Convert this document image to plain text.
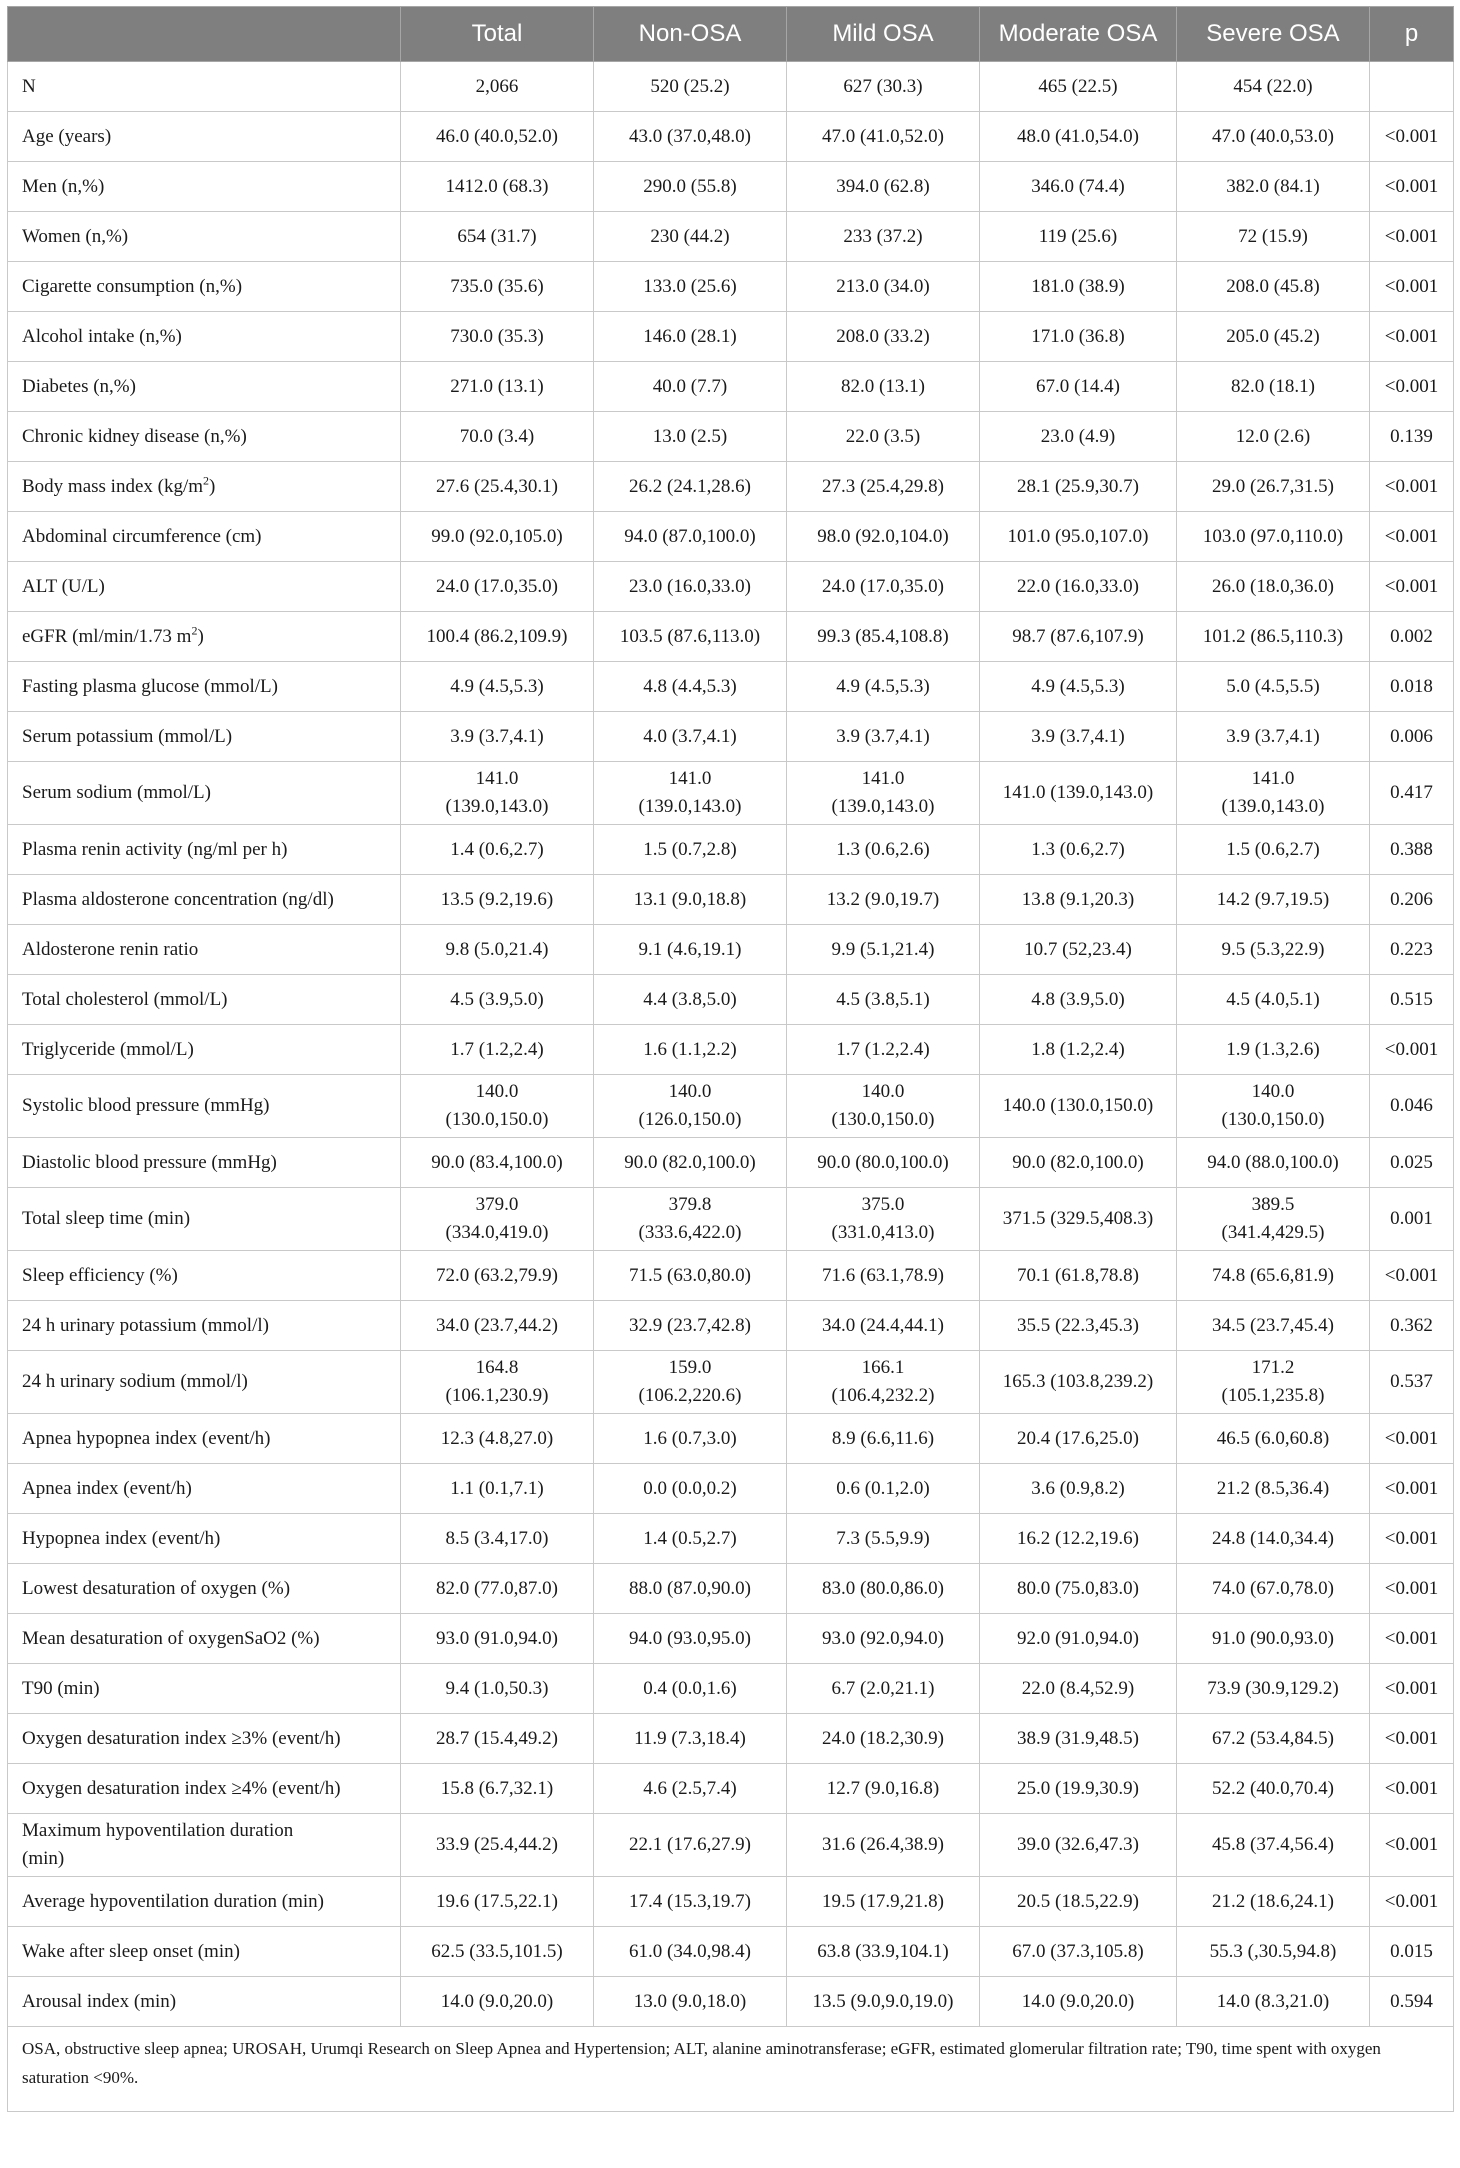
	Total	Non-OSA	Mild OSA	Moderate OSA	Severe OSA	p
N	2,066	520 (25.2)	627 (30.3)	465 (22.5)	454 (22.0)	
Age (years)	46.0 (40.0,52.0)	43.0 (37.0,48.0)	47.0 (41.0,52.0)	48.0 (41.0,54.0)	47.0 (40.0,53.0)	<0.001
Men (n,%)	1412.0 (68.3)	290.0 (55.8)	394.0 (62.8)	346.0 (74.4)	382.0 (84.1)	<0.001
Women (n,%)	654 (31.7)	230 (44.2)	233 (37.2)	119 (25.6)	72 (15.9)	<0.001
Cigarette consumption (n,%)	735.0 (35.6)	133.0 (25.6)	213.0 (34.0)	181.0 (38.9)	208.0 (45.8)	<0.001
Alcohol intake (n,%)	730.0 (35.3)	146.0 (28.1)	208.0 (33.2)	171.0 (36.8)	205.0 (45.2)	<0.001
Diabetes (n,%)	271.0 (13.1)	40.0 (7.7)	82.0 (13.1)	67.0 (14.4)	82.0 (18.1)	<0.001
Chronic kidney disease (n,%)	70.0 (3.4)	13.0 (2.5)	22.0 (3.5)	23.0 (4.9)	12.0 (2.6)	0.139
Body mass index $(kg/m^2)$	27.6 (25.4,30.1)	26.2 (24.1,28.6)	27.3 (25.4,29.8)	28.1 (25.9,30.7)	29.0 (26.7,31.5)	<0.001
Abdominal circumference (cm)	99.0 (92.0,105.0)	94.0 (87.0,100.0)	98.0 (92.0,104.0)	101.0 (95.0,107.0)	103.0 (97.0,110.0)	<0.001
ALT (U/L)	24.0 (17.0,35.0)	23.0 (16.0,33.0)	24.0 (17.0,35.0)	22.0 (16.0,33.0)	26.0 (18.0,36.0)	<0.001
eGFR (ml/min/1.73 $m^2$)	100.4 (86.2,109.9)	103.5 (87.6,113.0)	99.3 (85.4,108.8)	98.7 (87.6,107.9)	101.2 (86.5,110.3)	0.002
Fasting plasma glucose (mmol/L)	4.9 (4.5,5.3)	4.8 (4.4,5.3)	4.9 (4.5,5.3)	4.9 (4.5,5.3)	5.0 (4.5,5.5)	0.018
Serum potassium (mmol/L)	3.9 (3.7,4.1)	4.0 (3.7,4.1)	3.9 (3.7,4.1)	3.9 (3.7,4.1)	3.9 (3.7,4.1)	0.006
Serum sodium (mmol/L)	141.0
(139.0,143.0)	141.0
(139.0,143.0)	141.0
(139.0,143.0)	141.0 (139.0,143.0)	141.0
(139.0,143.0)	0.417
Plasma renin activity (ng/ml per h)	1.4 (0.6,2.7)	1.5 (0.7,2.8)	1.3 (0.6,2.6)	1.3 (0.6,2.7)	1.5 (0.6,2.7)	0.388
Plasma aldosterone concentration (ng/dl)	13.5 (9.2,19.6)	13.1 (9.0,18.8)	13.2 (9.0,19.7)	13.8 (9.1,20.3)	14.2 (9.7,19.5)	0.206
Aldosterone renin ratio	9.8 (5.0,21.4)	9.1 (4.6,19.1)	9.9 (5.1,21.4)	10.7 (52,23.4)	9.5 (5.3,22.9)	0.223
Total cholesterol (mmol/L)	4.5 (3.9,5.0)	4.4 (3.8,5.0)	4.5 (3.8,5.1)	4.8 (3.9,5.0)	4.5 (4.0,5.1)	0.515
Triglyceride (mmol/L)	1.7 (1.2,2.4)	1.6 (1.1,2.2)	1.7 (1.2,2.4)	1.8 (1.2,2.4)	1.9 (1.3,2.6)	<0.001
Systolic blood pressure (mmHg)	140.0
(130.0,150.0)	140.0
(126.0,150.0)	140.0
(130.0,150.0)	140.0 (130.0,150.0)	140.0
(130.0,150.0)	0.046
Diastolic blood pressure (mmHg)	90.0 (83.4,100.0)	90.0 (82.0,100.0)	90.0 (80.0,100.0)	90.0 (82.0,100.0)	94.0 (88.0,100.0)	0.025
Total sleep time (min)	379.0
(334.0,419.0)	379.8
(333.6,422.0)	375.0
(331.0,413.0)	371.5 (329.5,408.3)	389.5
(341.4,429.5)	0.001
Sleep efficiency (%)	72.0 (63.2,79.9)	71.5 (63.0,80.0)	71.6 (63.1,78.9)	70.1 (61.8,78.8)	74.8 (65.6,81.9)	<0.001
24 h urinary potassium (mmol/l)	34.0 (23.7,44.2)	32.9 (23.7,42.8)	34.0 (24.4,44.1)	35.5 (22.3,45.3)	34.5 (23.7,45.4)	0.362
24 h urinary sodium (mmol/l)	164.8
(106.1,230.9)	159.0
(106.2,220.6)	166.1
(106.4,232.2)	165.3 (103.8,239.2)	171.2
(105.1,235.8)	0.537
Apnea hypopnea index (event/h)	12.3 (4.8,27.0)	1.6 (0.7,3.0)	8.9 (6.6,11.6)	20.4 (17.6,25.0)	46.5 (6.0,60.8)	<0.001
Apnea index (event/h)	1.1 (0.1,7.1)	0.0 (0.0,0.2)	0.6 (0.1,2.0)	3.6 (0.9,8.2)	21.2 (8.5,36.4)	<0.001
Hypopnea index (event/h)	8.5 (3.4,17.0)	1.4 (0.5,2.7)	7.3 (5.5,9.9)	16.2 (12.2,19.6)	24.8 (14.0,34.4)	<0.001
Lowest desaturation of oxygen (%)	82.0 (77.0,87.0)	88.0 (87.0,90.0)	83.0 (80.0,86.0)	80.0 (75.0,83.0)	74.0 (67.0,78.0)	<0.001
Mean desaturation of oxygenSaO2 (%)	93.0 (91.0,94.0)	94.0 (93.0,95.0)	93.0 (92.0,94.0)	92.0 (91.0,94.0)	91.0 (90.0,93.0)	<0.001
T90 (min)	9.4 (1.0,50.3)	0.4 (0.0,1.6)	6.7 (2.0,21.1)	22.0 (8.4,52.9)	73.9 (30.9,129.2)	<0.001
Oxygen desaturation index ≥3% (event/h)	28.7 (15.4,49.2)	11.9 (7.3,18.4)	24.0 (18.2,30.9)	38.9 (31.9,48.5)	67.2 (53.4,84.5)	<0.001
Oxygen desaturation index ≥4% (event/h)	15.8 (6.7,32.1)	4.6 (2.5,7.4)	12.7 (9.0,16.8)	25.0 (19.9,30.9)	52.2 (40.0,70.4)	<0.001
Maximum hypoventilation duration
(min)	33.9 (25.4,44.2)	22.1 (17.6,27.9)	31.6 (26.4,38.9)	39.0 (32.6,47.3)	45.8 (37.4,56.4)	<0.001
Average hypoventilation duration (min)	19.6 (17.5,22.1)	17.4 (15.3,19.7)	19.5 (17.9,21.8)	20.5 (18.5,22.9)	21.2 (18.6,24.1)	<0.001
Wake after sleep onset (min)	62.5 (33.5,101.5)	61.0 (34.0,98.4)	63.8 (33.9,104.1)	67.0 (37.3,105.8)	55.3 (,30.5,94.8)	0.015
Arousal index (min)	14.0 (9.0,20.0)	13.0 (9.0,18.0)	13.5 (9.0,9.0,19.0)	14.0 (9.0,20.0)	14.0 (8.3,21.0)	0.594
OSA, obstructive sleep apnea; UROSAH, Urumqi Research on Sleep Apnea and Hypertension; ALT, alanine aminotransferase; eGFR, estimated glomerular filtration rate; T90, time spent with oxygen saturation <90%.						
